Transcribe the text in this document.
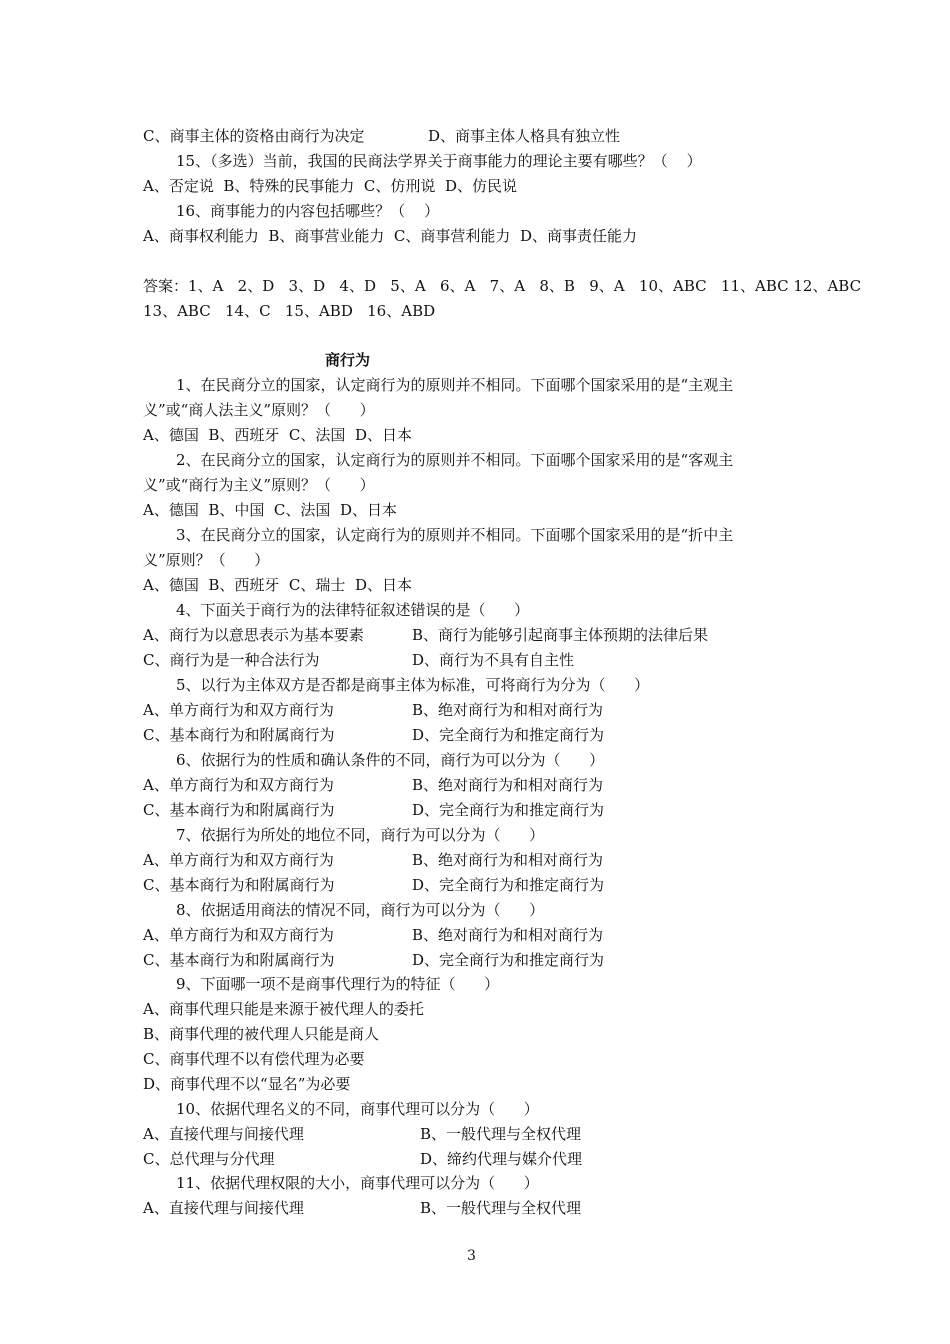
C、商事主体的资格由商行为决定	D、商事主体人格具有独立性
15、（多选）当前，我国的民商法学界关于商事能力的理论主要有哪些？（    ）
A、否定说  B、特殊的民事能力  C、仿刑说  D、仿民说
16、商事能力的内容包括哪些？（    ）
A、商事权利能力  B、商事营业能力  C、商事营利能力  D、商事责任能力
答案：1、A   2、D   3、D   4、D   5、A   6、A   7、A   8、B   9、A   10、ABC   11、ABC 12、ABC
13、ABC   14、C   15、ABD   16、ABD
商行为
1、在民商分立的国家，认定商行为的原则并不相同。下面哪个国家采用的是“主观主
义”或“商人法主义”原则？（      ）
A、德国  B、西班牙  C、法国  D、日本
2、在民商分立的国家，认定商行为的原则并不相同。下面哪个国家采用的是“客观主
义”或“商行为主义”原则？（      ）
A、德国  B、中国  C、法国  D、日本
3、在民商分立的国家，认定商行为的原则并不相同。下面哪个国家采用的是“折中主
义”原则？（      ）
A、德国  B、西班牙  C、瑞士  D、日本
4、下面关于商行为的法律特征叙述错误的是（      ）
A、商行为以意思表示为基本要素	B、商行为能够引起商事主体预期的法律后果
C、商行为是一种合法行为	D、商行为不具有自主性
5、以行为主体双方是否都是商事主体为标准，可将商行为分为（      ）
A、单方商行为和双方商行为	B、绝对商行为和相对商行为
C、基本商行为和附属商行为	D、完全商行为和推定商行为
6、依据行为的性质和确认条件的不同，商行为可以分为（      ）
A、单方商行为和双方商行为	B、绝对商行为和相对商行为
C、基本商行为和附属商行为	D、完全商行为和推定商行为
7、依据行为所处的地位不同，商行为可以分为（      ）
A、单方商行为和双方商行为	B、绝对商行为和相对商行为
C、基本商行为和附属商行为	D、完全商行为和推定商行为
8、依据适用商法的情况不同，商行为可以分为（      ）
A、单方商行为和双方商行为	B、绝对商行为和相对商行为
C、基本商行为和附属商行为	D、完全商行为和推定商行为
9、下面哪一项不是商事代理行为的特征（      ）
A、商事代理只能是来源于被代理人的委托
B、商事代理的被代理人只能是商人
C、商事代理不以有偿代理为必要
D、商事代理不以“显名”为必要
10、依据代理名义的不同，商事代理可以分为（      ）
A、直接代理与间接代理	B、一般代理与全权代理
C、总代理与分代理	D、缔约代理与媒介代理
11、依据代理权限的大小，商事代理可以分为（      ）
A、直接代理与间接代理	B、一般代理与全权代理
3
